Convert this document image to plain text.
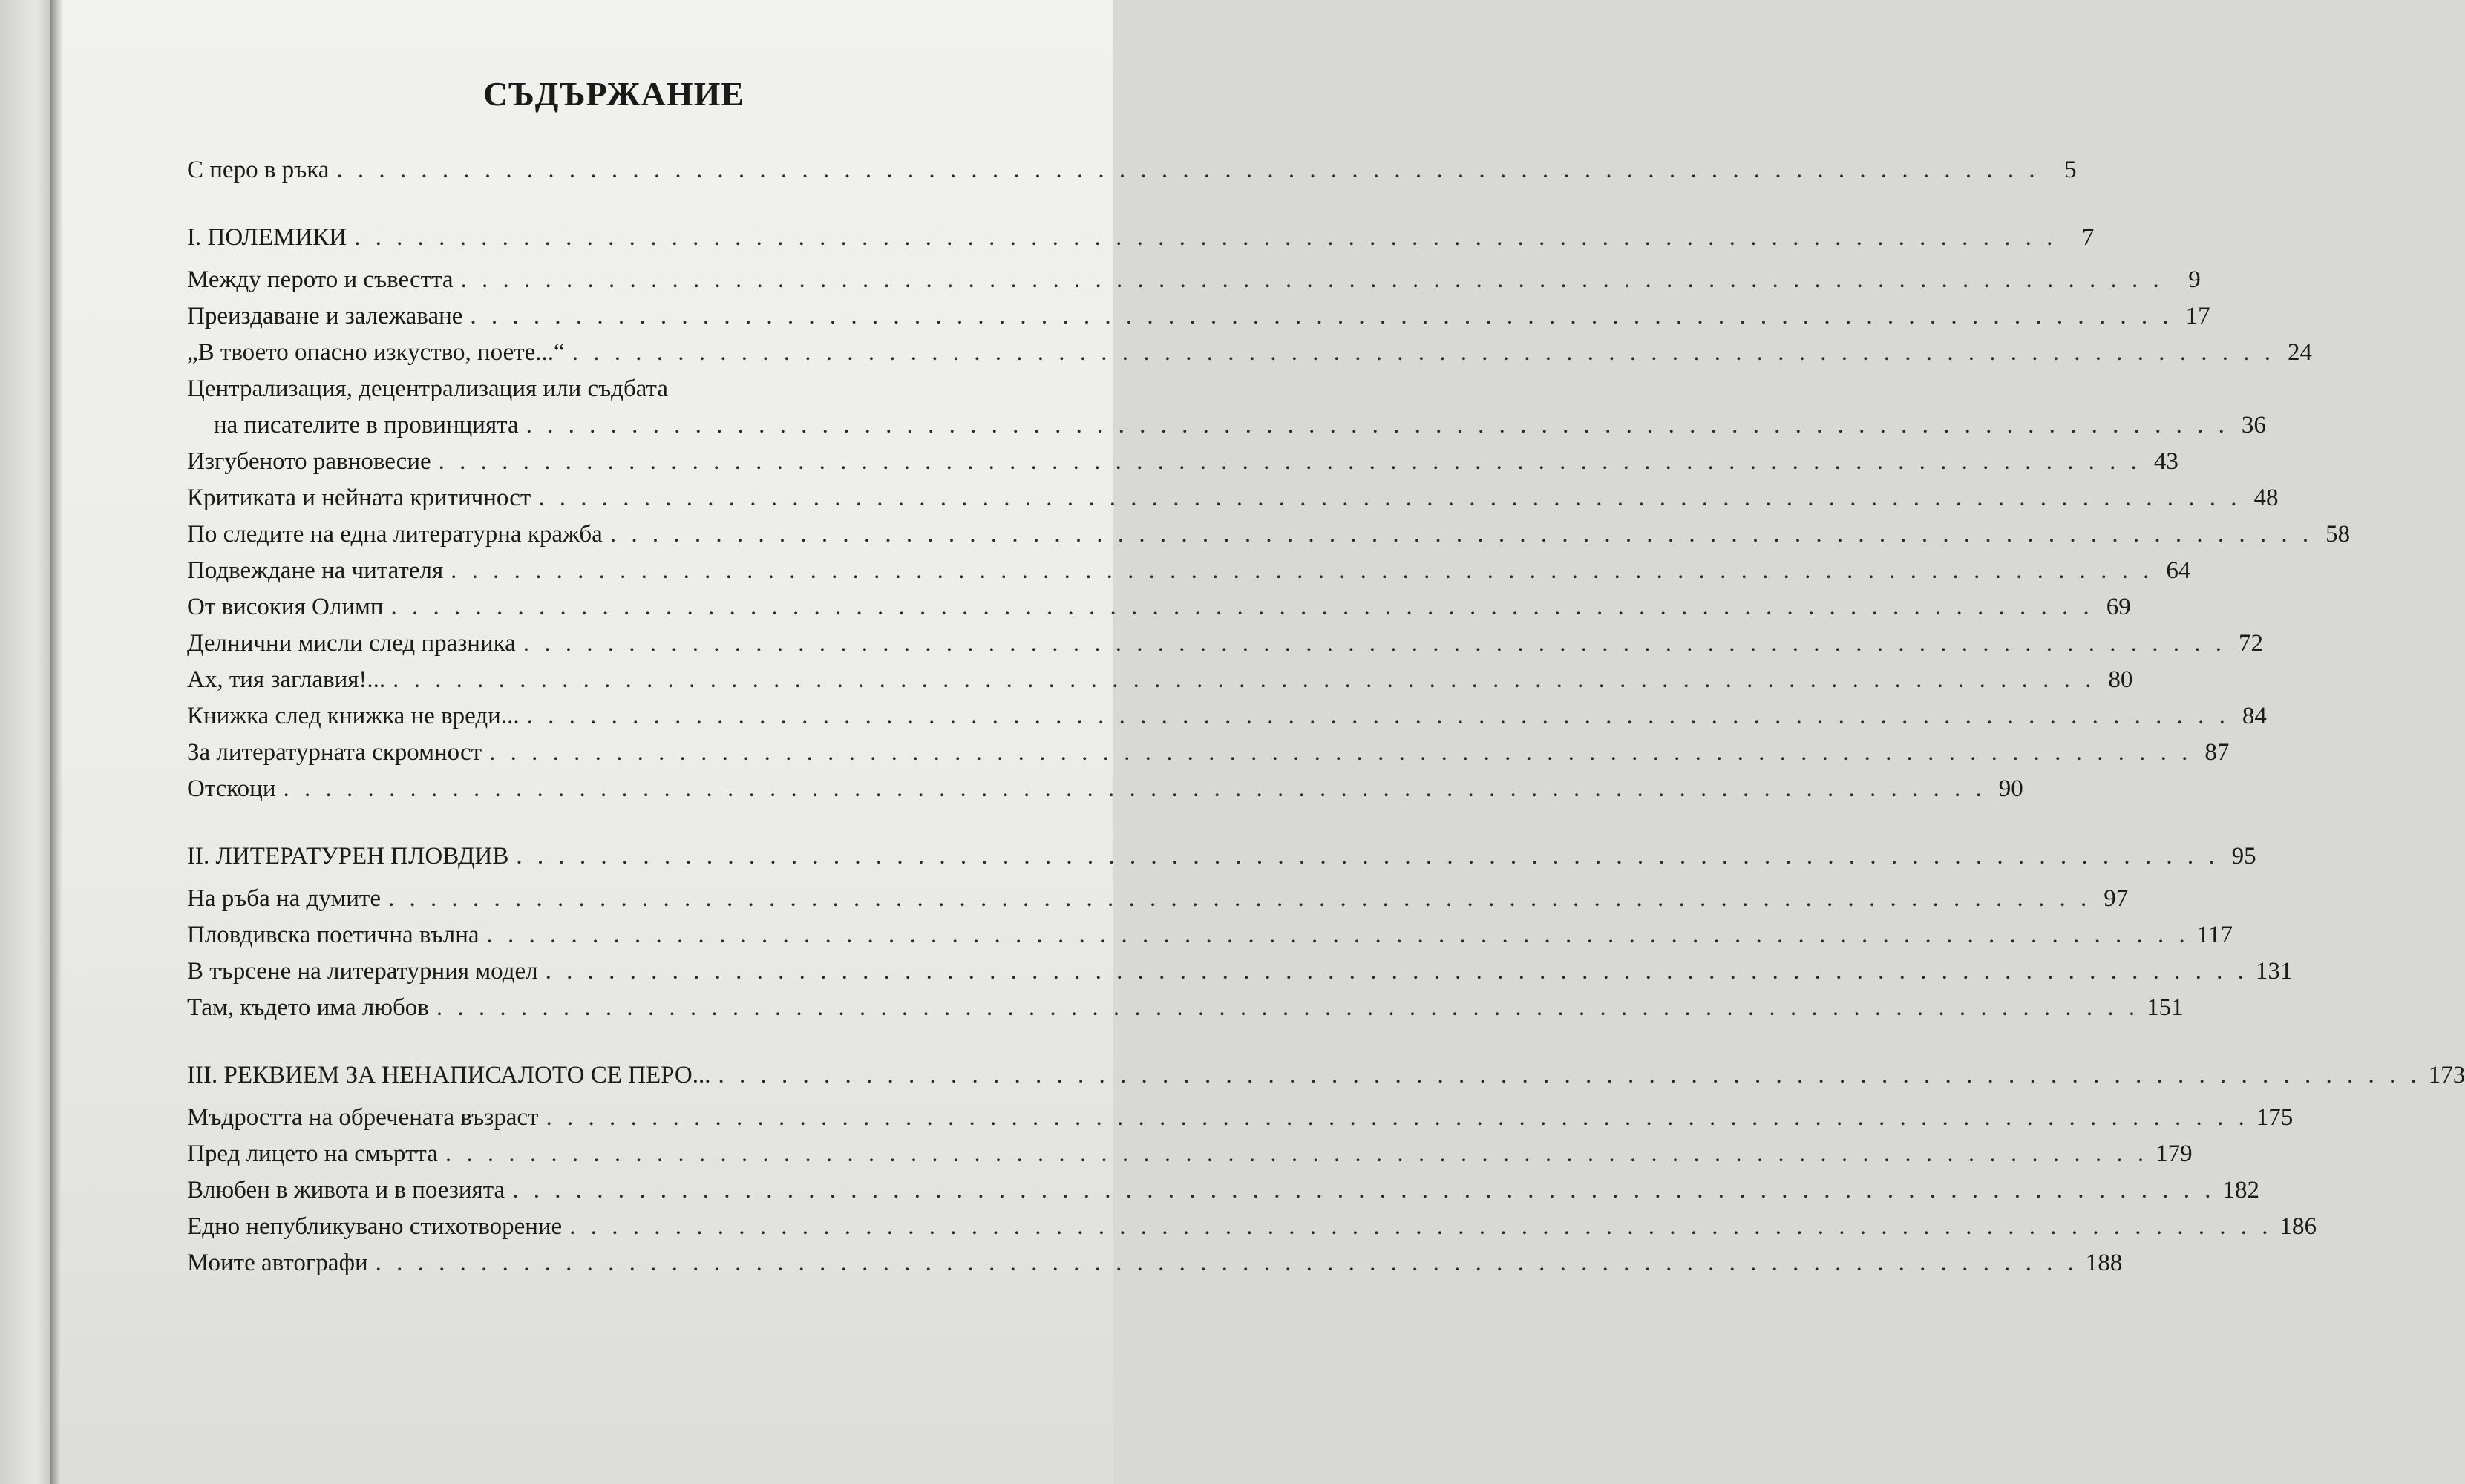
СЪДЪРЖАНИЕ
С перо в ръка . . . . . . . . . . . . . . . . . . . . . . . . . . . . . . . . . . . . . . . . . . . . . . . . . . . . . . . . . . . . . . . . . . . . . . . . . . . . . . . . .	5
I. ПОЛЕМИКИ . . . . . . . . . . . . . . . . . . . . . . . . . . . . . . . . . . . . . . . . . . . . . . . . . . . . . . . . . . . . . . . . . . . . . . . . . . . . . . . . .	7
Между перото и съвестта . . . . . . . . . . . . . . . . . . . . . . . . . . . . . . . . . . . . . . . . . . . . . . . . . . . . . . . . . . . . . . . . . . . . . . . . . . . . . . . . .	9
Преиздаване и залежаване . . . . . . . . . . . . . . . . . . . . . . . . . . . . . . . . . . . . . . . . . . . . . . . . . . . . . . . . . . . . . . . . . . . . . . . . . . . . . . . . . 17
„В твоето опасно изкуство, поете...“ . . . . . . . . . . . . . . . . . . . . . . . . . . . . . . . . . . . . . . . . . . . . . . . . . . . . . . . . . . . . . . . . . . . . . . . . . . . . . . . . . 24
Централизация, децентрализация или съдбата
на писателите в провинцията . . . . . . . . . . . . . . . . . . . . . . . . . . . . . . . . . . . . . . . . . . . . . . . . . . . . . . . . . . . . . . . . . . . . . . . . . . . . . . . . . 36
Изгубеното равновесие . . . . . . . . . . . . . . . . . . . . . . . . . . . . . . . . . . . . . . . . . . . . . . . . . . . . . . . . . . . . . . . . . . . . . . . . . . . . . . . . . 43
Критиката и нейната критичност . . . . . . . . . . . . . . . . . . . . . . . . . . . . . . . . . . . . . . . . . . . . . . . . . . . . . . . . . . . . . . . . . . . . . . . . . . . . . . . . . 48
По следите на една литературна кражба . . . . . . . . . . . . . . . . . . . . . . . . . . . . . . . . . . . . . . . . . . . . . . . . . . . . . . . . . . . . . . . . . . . . . . . . . . . . . . . . . 58
Подвеждане на читателя . . . . . . . . . . . . . . . . . . . . . . . . . . . . . . . . . . . . . . . . . . . . . . . . . . . . . . . . . . . . . . . . . . . . . . . . . . . . . . . . . 64
От високия Олимп . . . . . . . . . . . . . . . . . . . . . . . . . . . . . . . . . . . . . . . . . . . . . . . . . . . . . . . . . . . . . . . . . . . . . . . . . . . . . . . . . 69
Делнични мисли след празника . . . . . . . . . . . . . . . . . . . . . . . . . . . . . . . . . . . . . . . . . . . . . . . . . . . . . . . . . . . . . . . . . . . . . . . . . . . . . . . . . 72
Ах, тия заглавия!... . . . . . . . . . . . . . . . . . . . . . . . . . . . . . . . . . . . . . . . . . . . . . . . . . . . . . . . . . . . . . . . . . . . . . . . . . . . . . . . . . 80
Книжка след книжка не вреди... . . . . . . . . . . . . . . . . . . . . . . . . . . . . . . . . . . . . . . . . . . . . . . . . . . . . . . . . . . . . . . . . . . . . . . . . . . . . . . . . . 84
За литературната скромност . . . . . . . . . . . . . . . . . . . . . . . . . . . . . . . . . . . . . . . . . . . . . . . . . . . . . . . . . . . . . . . . . . . . . . . . . . . . . . . . . 87
Отскоци . . . . . . . . . . . . . . . . . . . . . . . . . . . . . . . . . . . . . . . . . . . . . . . . . . . . . . . . . . . . . . . . . . . . . . . . . . . . . . . . . 90
II. ЛИТЕРАТУРЕН ПЛОВДИВ . . . . . . . . . . . . . . . . . . . . . . . . . . . . . . . . . . . . . . . . . . . . . . . . . . . . . . . . . . . . . . . . . . . . . . . . . . . . . . . . . 95
На ръба на думите . . . . . . . . . . . . . . . . . . . . . . . . . . . . . . . . . . . . . . . . . . . . . . . . . . . . . . . . . . . . . . . . . . . . . . . . . . . . . . . . . 97
Пловдивска поетична вълна . . . . . . . . . . . . . . . . . . . . . . . . . . . . . . . . . . . . . . . . . . . . . . . . . . . . . . . . . . . . . . . . . . . . . . . . . . . . . . . . . 117
В търсене на литературния модел . . . . . . . . . . . . . . . . . . . . . . . . . . . . . . . . . . . . . . . . . . . . . . . . . . . . . . . . . . . . . . . . . . . . . . . . . . . . . . . . . 131
Там, където има любов . . . . . . . . . . . . . . . . . . . . . . . . . . . . . . . . . . . . . . . . . . . . . . . . . . . . . . . . . . . . . . . . . . . . . . . . . . . . . . . . . 151
III. РЕКВИЕМ ЗА НЕНАПИСАЛОТО СЕ ПЕРО... . . . . . . . . . . . . . . . . . . . . . . . . . . . . . . . . . . . . . . . . . . . . . . . . . . . . . . . . . . . . . . . . . . . . . . . . . . . . . . . . . 173
Мъдростта на обречената възраст . . . . . . . . . . . . . . . . . . . . . . . . . . . . . . . . . . . . . . . . . . . . . . . . . . . . . . . . . . . . . . . . . . . . . . . . . . . . . . . . . 175
Пред лицето на смъртта . . . . . . . . . . . . . . . . . . . . . . . . . . . . . . . . . . . . . . . . . . . . . . . . . . . . . . . . . . . . . . . . . . . . . . . . . . . . . . . . . 179
Влюбен в живота и в поезията . . . . . . . . . . . . . . . . . . . . . . . . . . . . . . . . . . . . . . . . . . . . . . . . . . . . . . . . . . . . . . . . . . . . . . . . . . . . . . . . . 182
Едно непубликувано стихотворение . . . . . . . . . . . . . . . . . . . . . . . . . . . . . . . . . . . . . . . . . . . . . . . . . . . . . . . . . . . . . . . . . . . . . . . . . . . . . . . . . 186
Моите автографи . . . . . . . . . . . . . . . . . . . . . . . . . . . . . . . . . . . . . . . . . . . . . . . . . . . . . . . . . . . . . . . . . . . . . . . . . . . . . . . . . 188
